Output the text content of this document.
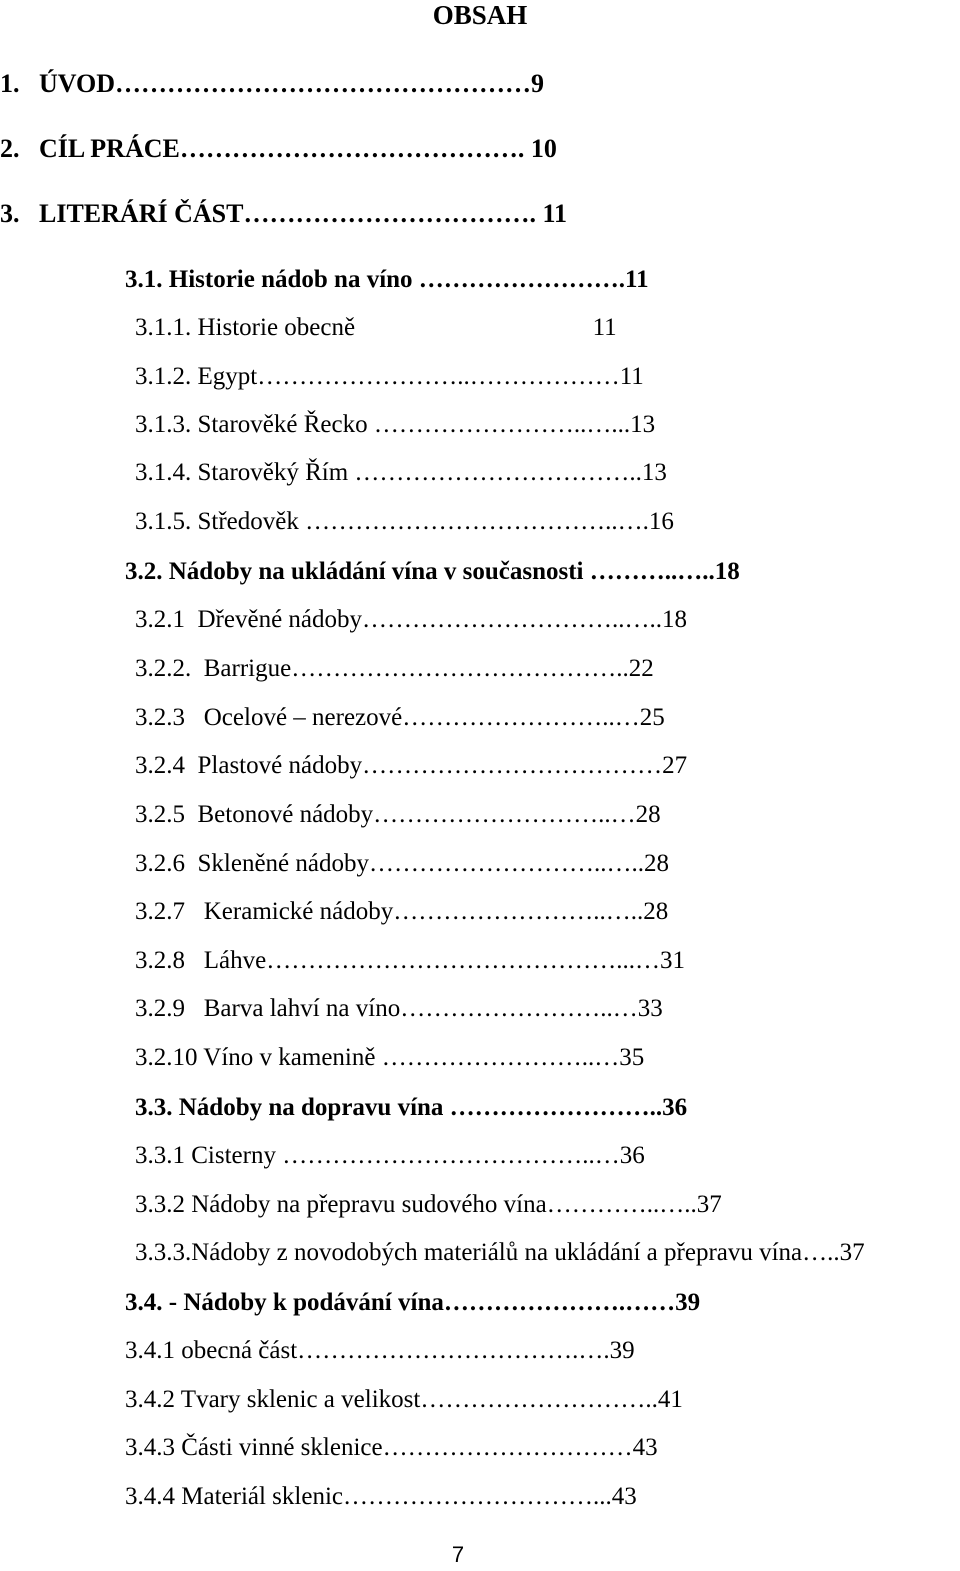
OBSAH
1.   ÚVOD…………………………………………9
2.   CÍL PRÁCE…………………………………. 10
3.   LITERÁRÍ ČÁST……………………………. 11
3.1. Historie nádob na víno …………………….11
3.1.1. Historie obecně                                      11
3.1.2. Egypt……………………..………………11
3.1.3. Starověké Řecko ……………………..…...13
3.1.4. Starověký Řím ……………………………..13
3.1.5. Středověk ………………………………..….16
3.2. Nádoby na ukládání vína v současnosti ………..…..18
3.2.1  Dřevěné nádoby…………………………..…..18
3.2.2.  Barrigue…………………………………..22
3.2.3   Ocelové – nerezové……………………..…25
3.2.4  Plastové nádoby………………………………27
3.2.5  Betonové nádoby………………………..…28
3.2.6  Skleněné nádoby………………………..…..28
3.2.7   Keramické nádoby……………………..…..28
3.2.8   Láhve……………………………………...…31
3.2.9   Barva lahví na víno……………………..…33
3.2.10 Víno v kamenině ……………………..…35
3.3. Nádoby na dopravu vína ……………………..36
3.3.1 Cisterny ………………………………..…36
3.3.2 Nádoby na přepravu sudového vína…………..…..37
3.3.3.Nádoby z novodobých materiálů na ukládání a přepravu vína…..37
3.4. - Nádoby k podávání vína………………….……39
3.4.1 obecná část…………………………….….39
3.4.2 Tvary sklenic a velikost………………………..41
3.4.3 Části vinné sklenice…………………………43
3.4.4 Materiál sklenic…………………………...43
7
